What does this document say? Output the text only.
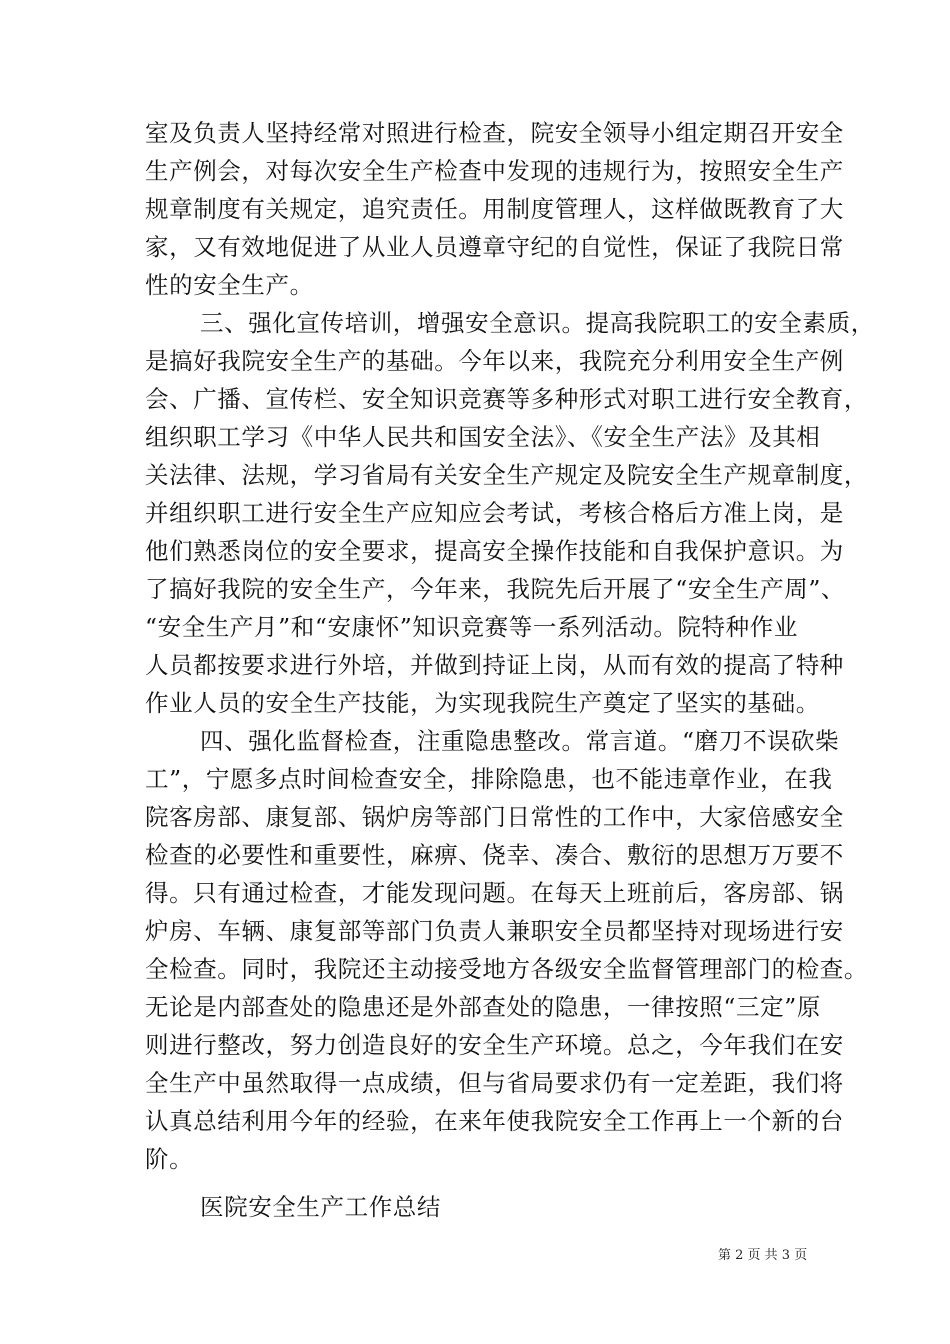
室及负责人坚持经常对照进行检查，院安全领导小组定期召开安全
生产例会，对每次安全生产检查中发现的违规行为，按照安全生产
规章制度有关规定，追究责任。用制度管理人，这样做既教育了大
家，又有效地促进了从业人员遵章守纪的自觉性，保证了我院日常
性的安全生产。
三、强化宣传培训，增强安全意识。提高我院职工的安全素质，
是搞好我院安全生产的基础。今年以来，我院充分利用安全生产例
会、广播、宣传栏、安全知识竞赛等多种形式对职工进行安全教育，
组织职工学习《中华人民共和国安全法》、《安全生产法》及其相
关法律、法规，学习省局有关安全生产规定及院安全生产规章制度，
并组织职工进行安全生产应知应会考试，考核合格后方准上岗，是
他们熟悉岗位的安全要求，提高安全操作技能和自我保护意识。为
了搞好我院的安全生产，今年来，我院先后开展了“安全生产周”、
“安全生产月”和“安康怀”知识竞赛等一系列活动。院特种作业
人员都按要求进行外培，并做到持证上岗，从而有效的提高了特种
作业人员的安全生产技能，为实现我院生产奠定了坚实的基础。
四、强化监督检查，注重隐患整改。常言道。“磨刀不误砍柴
工”，宁愿多点时间检查安全，排除隐患，也不能违章作业，在我
院客房部、康复部、锅炉房等部门日常性的工作中，大家倍感安全
检查的必要性和重要性，麻痹、侥幸、凑合、敷衍的思想万万要不
得。只有通过检查，才能发现问题。在每天上班前后，客房部、锅
炉房、车辆、康复部等部门负责人兼职安全员都坚持对现场进行安
全检查。同时，我院还主动接受地方各级安全监督管理部门的检查。
无论是内部查处的隐患还是外部查处的隐患，一律按照“三定”原
则进行整改，努力创造良好的安全生产环境。总之，今年我们在安
全生产中虽然取得一点成绩，但与省局要求仍有一定差距，我们将
认真总结利用今年的经验，在来年使我院安全工作再上一个新的台
阶。
医院安全生产工作总结
第 2 页 共 3 页
